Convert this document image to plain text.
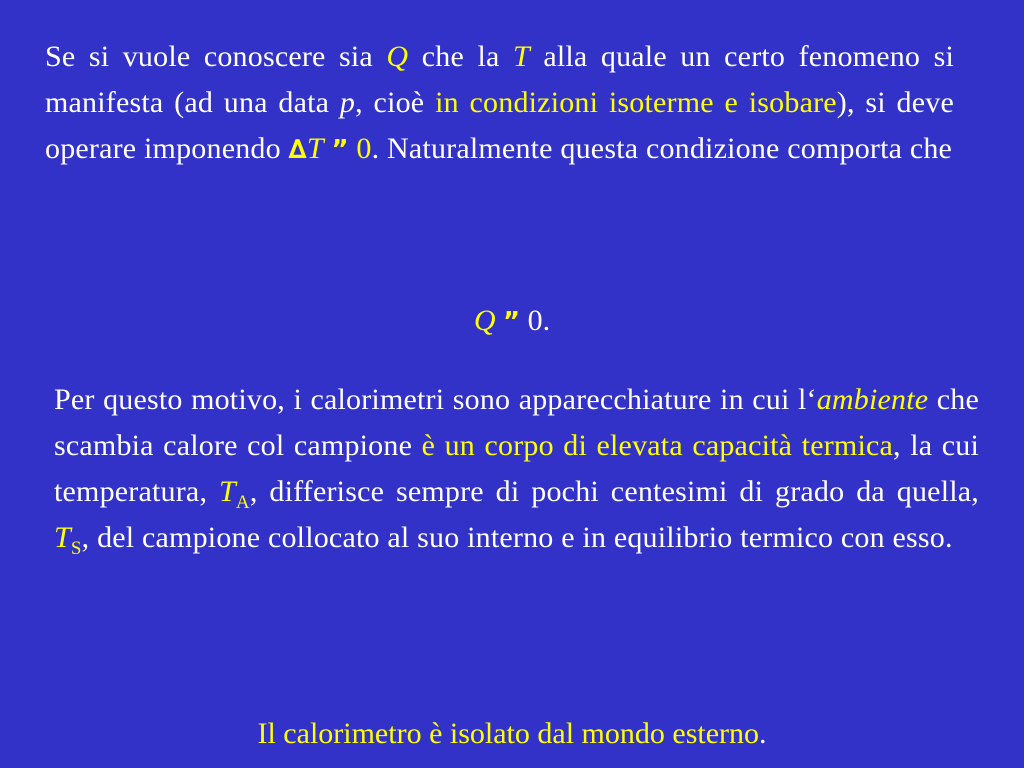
Se si vuole conoscere sia Q che la T alla quale un certo fenomeno si manifesta (ad una data p, cioè in condizioni isoterme e isobare), si deve operare imponendo ∆T ” 0. Naturalmente questa condizione comporta che
Q ” 0.
Per questo motivo, i calorimetri sono apparecchiature in cui l‘ambiente che scambia calore col campione è un corpo di elevata capacità termica, la cui temperatura, $T_A$, differisce sempre di pochi centesimi di grado da quella, $T_S$, del campione collocato al suo interno e in equilibrio termico con esso.
Il calorimetro è isolato dal mondo esterno.
